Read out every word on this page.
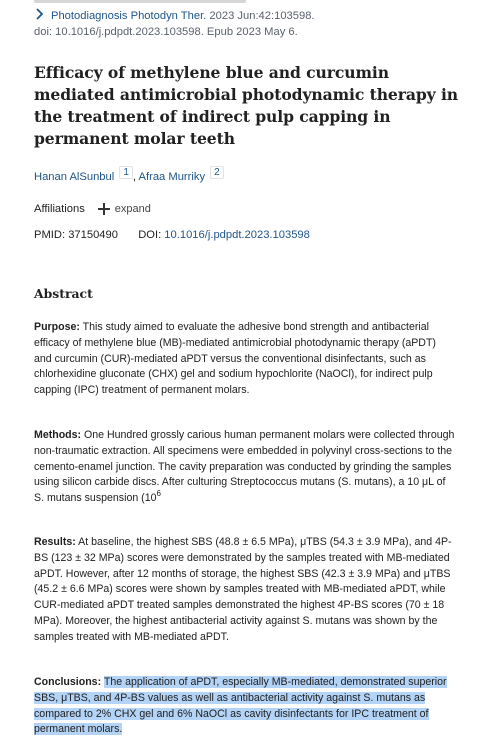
Photodiagnosis Photodyn Ther. 2023 Jun:42:103598.
doi: 10.1016/j.pdpdt.2023.103598. Epub 2023 May 6.
Efficacy of methylene blue and curcumin mediated antimicrobial photodynamic therapy in the treatment of indirect pulp capping in permanent molar teeth
Hanan AlSunbul 1 , Afraa Murriky 2
Affiliations	expand
PMID: 37150490 DOI: 10.1016/j.pdpdt.2023.103598
Abstract

Purpose: This study aimed to evaluate the adhesive bond strength and antibacterial efficacy of methylene blue (MB)-mediated antimicrobial photodynamic therapy (aPDT) and curcumin (CUR)-mediated aPDT versus the conventional disinfectants, such as chlorhexidine gluconate (CHX) gel and sodium hypochlorite (NaOCl), for indirect pulp capping (IPC) treatment of permanent molars.

Methods: One Hundred grossly carious human permanent molars were collected through non-traumatic extraction. All specimens were embedded in polyvinyl cross-sections to the cemento-enamel junction. The cavity preparation was conducted by grinding the samples using silicon carbide discs. After culturing Streptococcus mutans (S. mutans), a 10 μL of S. mutans suspension ($10^6$

Results: At baseline, the highest SBS (48.8 ± 6.5 MPa), μTBS (54.3 ± 3.9 MPa), and 4P-BS (123 ± 32 MPa) scores were demonstrated by the samples treated with MB-mediated aPDT. However, after 12 months of storage, the highest SBS (42.3 ± 3.9 MPa) and μTBS (45.2 ± 6.6 MPa) scores were shown by samples treated with MB-mediated aPDT, while CUR-mediated aPDT treated samples demonstrated the highest 4P-BS scores (70 ± 18 MPa). Moreover, the highest antibacterial activity against S. mutans was shown by the samples treated with MB-mediated aPDT.

Conclusions: The application of aPDT, especially MB-mediated, demonstrated superior SBS, μTBS, and 4P-BS values as well as antibacterial activity against S. mutans as compared to 2% CHX gel and 6% NaOCl as cavity disinfectants for IPC treatment of permanent molars.
